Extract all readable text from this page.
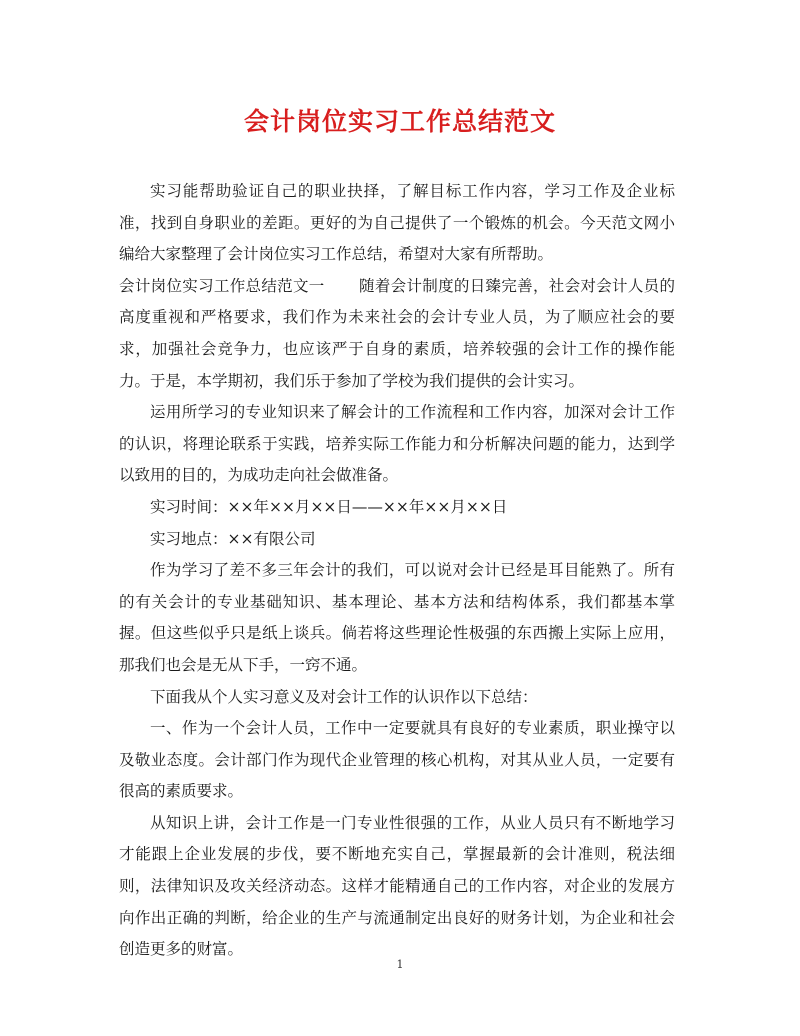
会计岗位实习工作总结范文

实习能帮助验证自己的职业抉择，了解目标工作内容，学习工作及企业标准，找到自身职业的差距。更好的为自己提供了一个锻炼的机会。今天范文网小编给大家整理了会计岗位实习工作总结，希望对大家有所帮助。

会计岗位实习工作总结范文一 随着会计制度的日臻完善，社会对会计人员的高度重视和严格要求，我们作为未来社会的会计专业人员，为了顺应社会的要求，加强社会竞争力，也应该严于自身的素质，培养较强的会计工作的操作能力。于是，本学期初，我们乐于参加了学校为我们提供的会计实习。

运用所学习的专业知识来了解会计的工作流程和工作内容，加深对会计工作的认识，将理论联系于实践，培养实际工作能力和分析解决问题的能力，达到学以致用的目的，为成功走向社会做准备。

实习时间：××年××月××日——××年××月××日

实习地点：××有限公司

作为学习了差不多三年会计的我们，可以说对会计已经是耳目能熟了。所有的有关会计的专业基础知识、基本理论、基本方法和结构体系，我们都基本掌握。但这些似乎只是纸上谈兵。倘若将这些理论性极强的东西搬上实际上应用，那我们也会是无从下手，一窍不通。

下面我从个人实习意义及对会计工作的认识作以下总结：

一、作为一个会计人员，工作中一定要就具有良好的专业素质，职业操守以及敬业态度。会计部门作为现代企业管理的核心机构，对其从业人员，一定要有很高的素质要求。

从知识上讲，会计工作是一门专业性很强的工作，从业人员只有不断地学习才能跟上企业发展的步伐，要不断地充实自己，掌握最新的会计准则，税法细则，法律知识及攻关经济动态。这样才能精通自己的工作内容，对企业的发展方向作出正确的判断，给企业的生产与流通制定出良好的财务计划，为企业和社会创造更多的财富。

1
